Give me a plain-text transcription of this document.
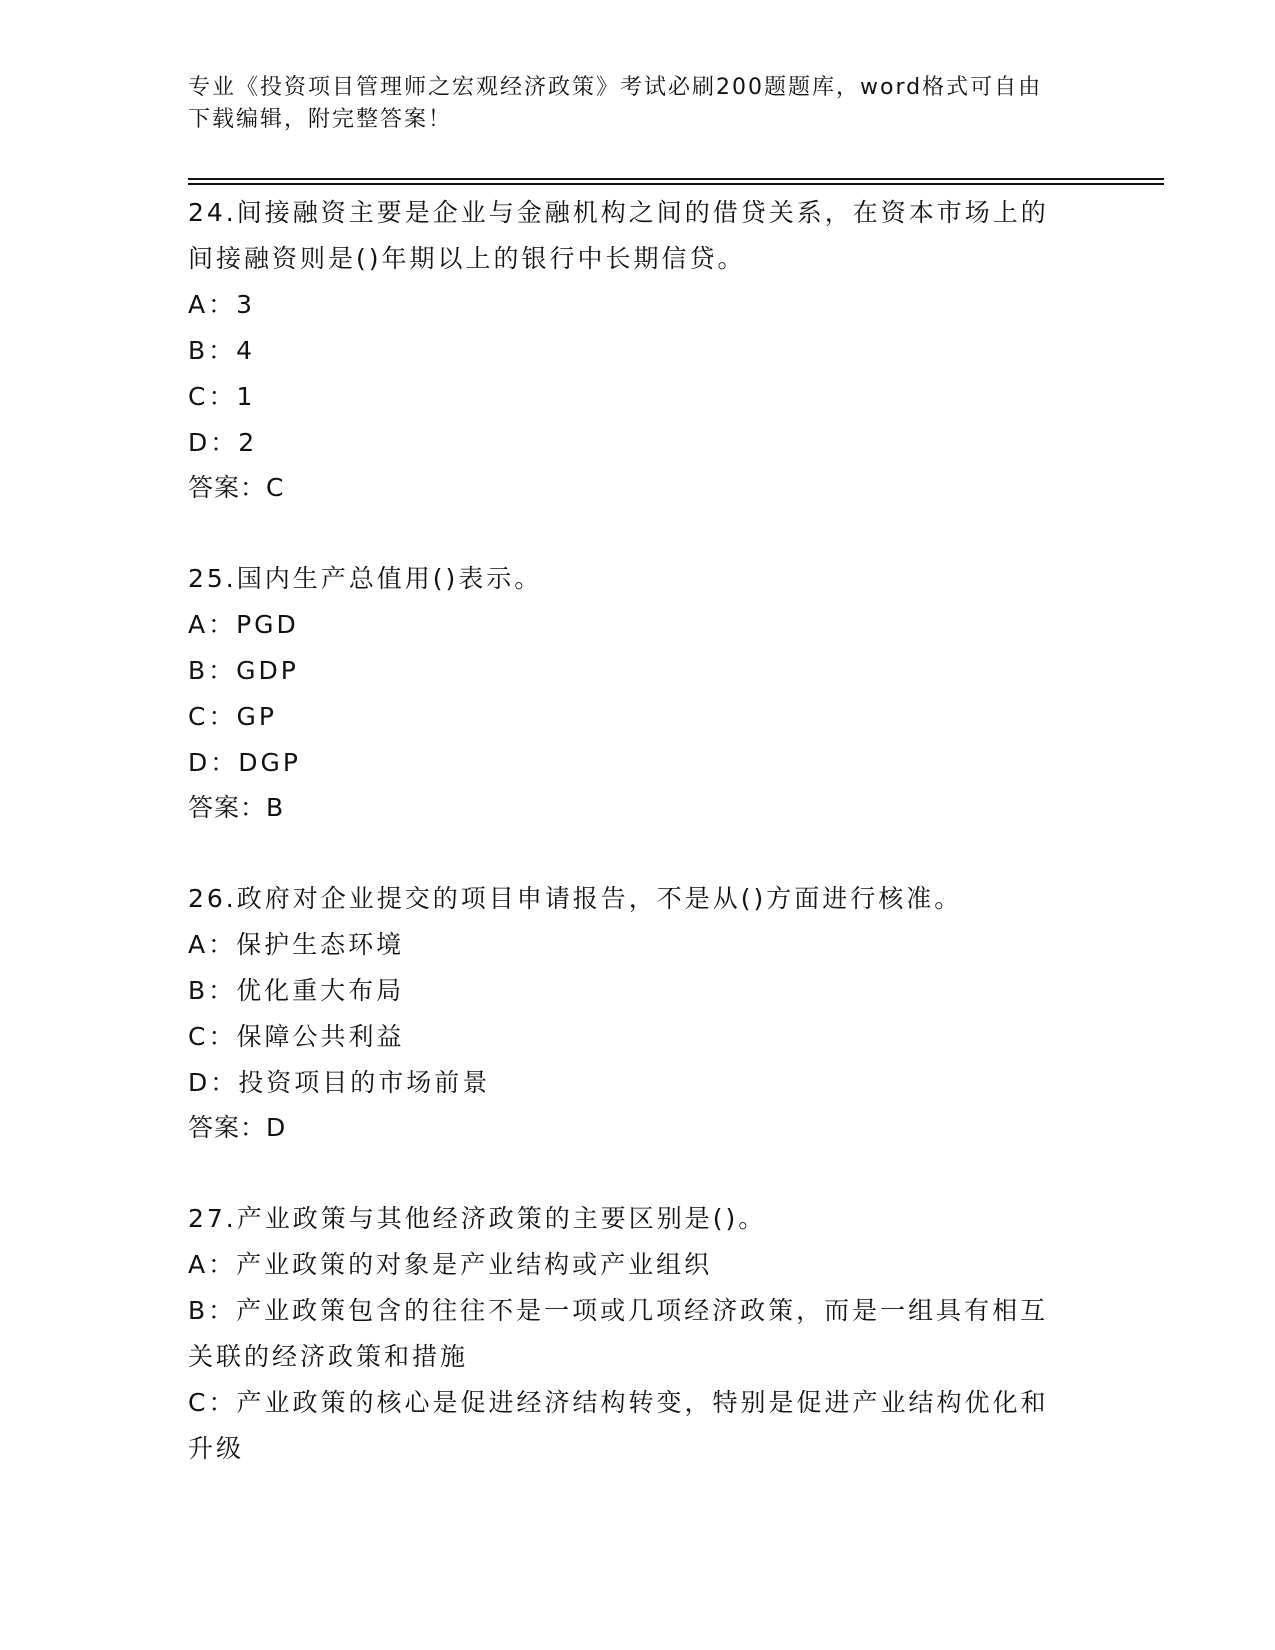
专业《投资项目管理师之宏观经济政策》考试必刷200题题库，word格式可自由
下载编辑，附完整答案！
24.间接融资主要是企业与金融机构之间的借贷关系，在资本市场上的
间接融资则是()年期以上的银行中长期信贷。
A：3
B：4
C：1
D：2
答案：C
25.国内生产总值用()表示。
A：PGD
B：GDP
C：GP
D：DGP
答案：B
26.政府对企业提交的项目申请报告，不是从()方面进行核准。
A：保护生态环境
B：优化重大布局
C：保障公共利益
D：投资项目的市场前景
答案：D
27.产业政策与其他经济政策的主要区别是()。
A：产业政策的对象是产业结构或产业组织
B：产业政策包含的往往不是一项或几项经济政策，而是一组具有相互
关联的经济政策和措施
C：产业政策的核心是促进经济结构转变，特别是促进产业结构优化和
升级
